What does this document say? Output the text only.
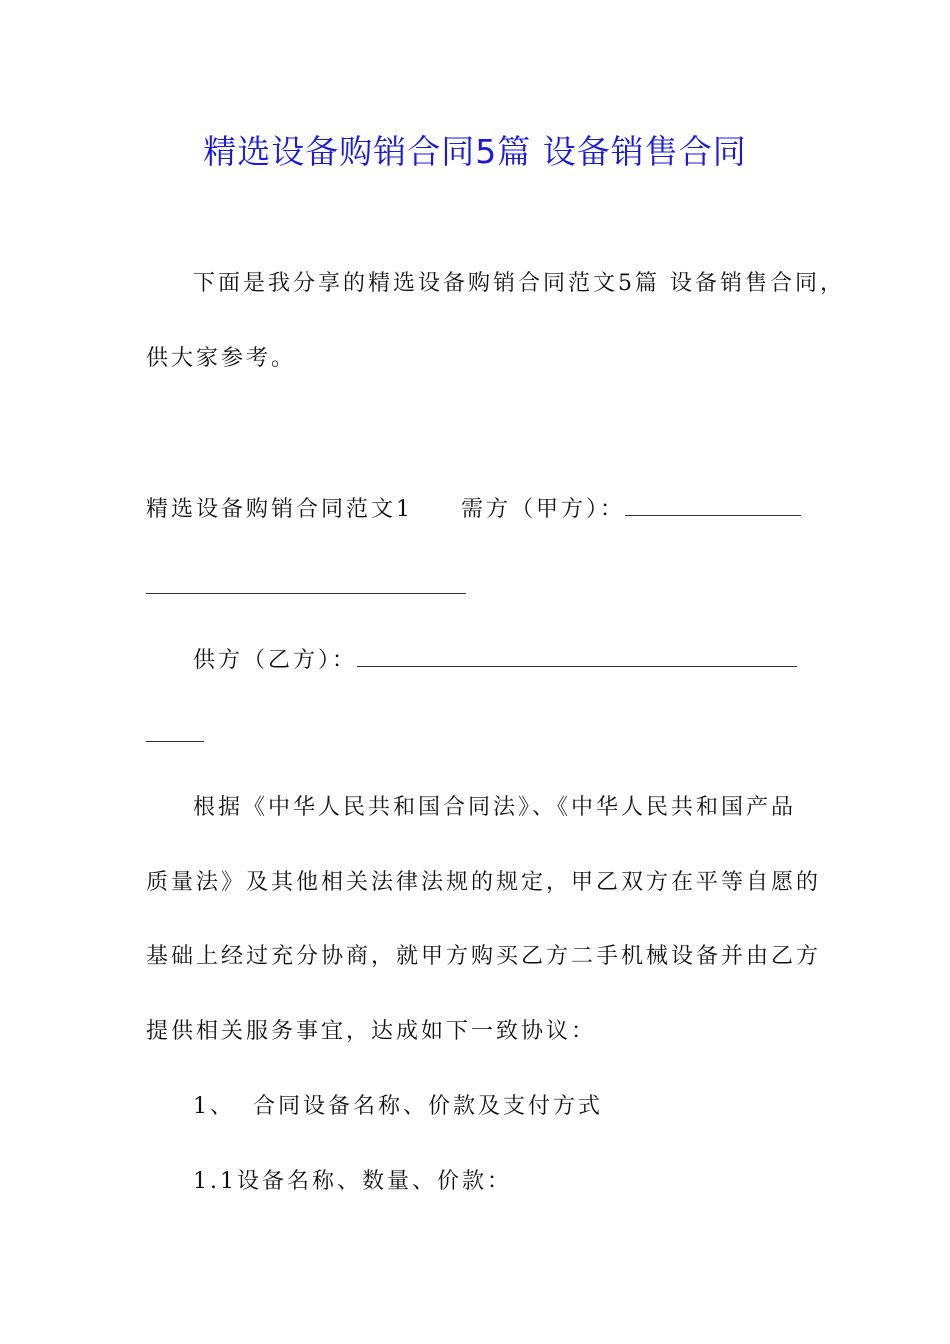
精选设备购销合同5篇 设备销售合同
下面是我分享的精选设备购销合同范文5篇 设备销售合同，
供大家参考。
精选设备购销合同范文1 需方（甲方）：
供方（乙方）：
根据《中华人民共和国合同法》、《中华人民共和国产品
质量法》及其他相关法律法规的规定，甲乙双方在平等自愿的
基础上经过充分协商，就甲方购买乙方二手机械设备并由乙方
提供相关服务事宜，达成如下一致协议：
1、 合同设备名称、价款及支付方式
1.1设备名称、数量、价款：
